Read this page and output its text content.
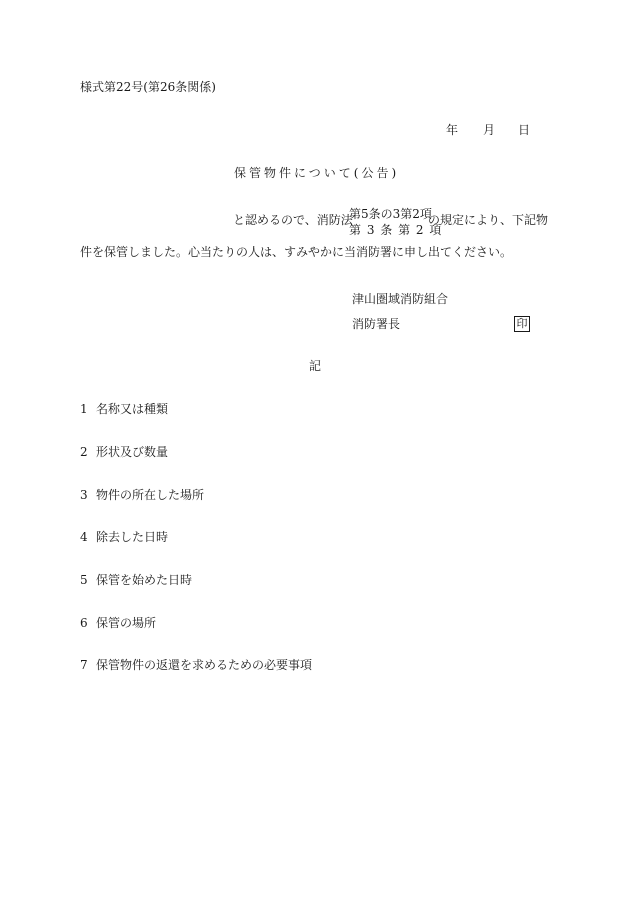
様式第22号(第26条関係)
年 月 日
保管物件について(公告)
と認めるので、消防法
第5条の3第2項
第 3 条 第 2 項
の規定により、下記物
件を保管しました。心当たりの人は、すみやかに当消防署に申し出てください。
津山圏域消防組合
消防署長	印
記
1 名称又は種類
2 形状及び数量
3 物件の所在した場所
4 除去した日時
5 保管を始めた日時
6 保管の場所
7 保管物件の返還を求めるための必要事項
